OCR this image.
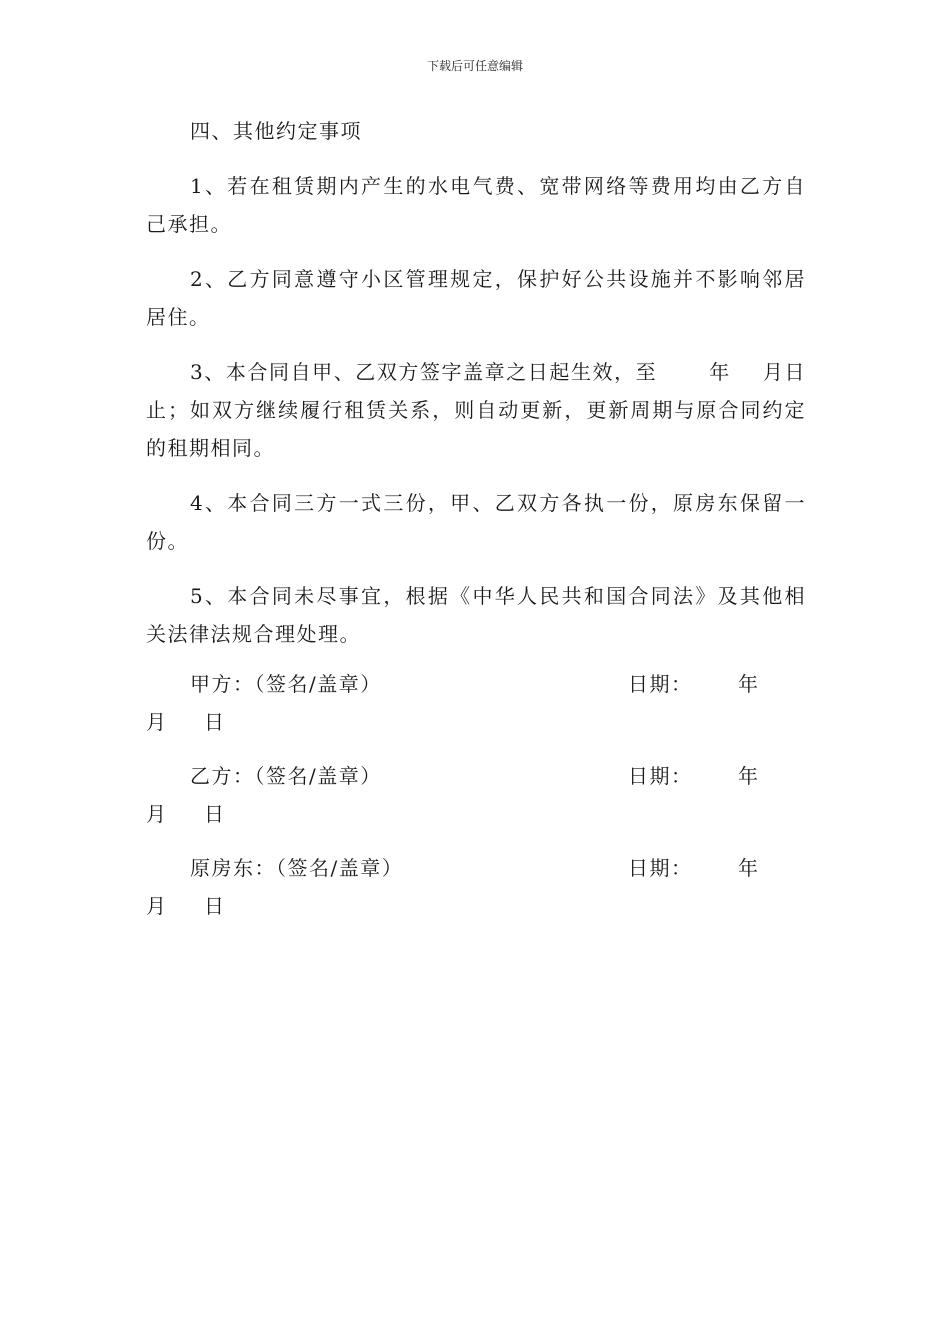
下载后可任意编辑

四、其他约定事项

1、若在租赁期内产生的水电气费、宽带网络等费用均由乙方自己承担。

2、乙方同意遵守小区管理规定，保护好公共设施并不影响邻居居住。

3、本合同自甲、乙双方签字盖章之日起生效，至	年 月日止；如双方继续履行租赁关系，则自动更新，更新周期与原合同约定的租期相同。

4、本合同三方一式三份，甲、乙双方各执一份，原房东保留一份。

5、本合同未尽事宜，根据《中华人民共和国合同法》及其他相关法律法规合理处理。

甲方：（签名/盖章）	日期： 年
月 日
乙方：（签名/盖章）	日期： 年
月 日
原房东：（签名/盖章）	日期： 年
月 日
